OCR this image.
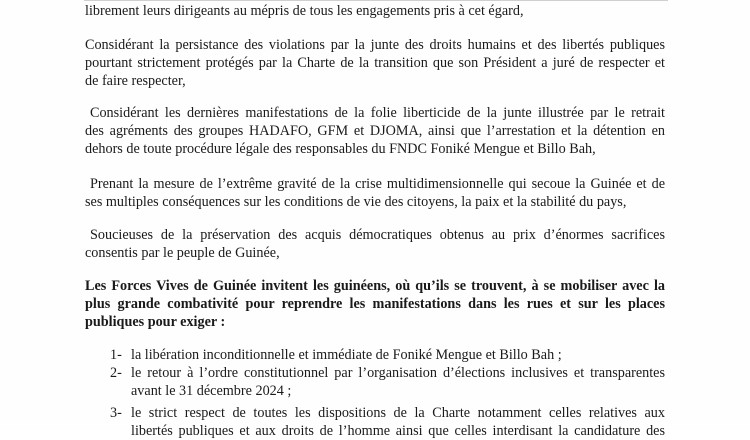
librement leurs dirigeants au mépris de tous les engagements pris à cet égard,
Considérant la persistance des violations par la junte des droits humains et des libertés publiques
pourtant strictement protégés par la Charte de la transition que son Président a juré de respecter et
de faire respecter,
Considérant les dernières manifestations de la folie liberticide de la junte illustrée par le retrait
des agréments des groupes HADAFO, GFM et DJOMA, ainsi que l’arrestation et la détention en
dehors de toute procédure légale des responsables du FNDC Foniké Mengue et Billo Bah,
Prenant la mesure de l’extrême gravité de la crise multidimensionnelle qui secoue la Guinée et de
ses multiples conséquences sur les conditions de vie des citoyens, la paix et la stabilité du pays,
Soucieuses de la préservation des acquis démocratiques obtenus au prix d’énormes sacrifices
consentis par le peuple de Guinée,
Les Forces Vives de Guinée invitent les guinéens, où qu’ils se trouvent, à se mobiliser avec la
plus grande combativité pour reprendre les manifestations dans les rues et sur les places
publiques pour exiger :
1- la libération inconditionnelle et immédiate de Foniké Mengue et Billo Bah ;
2- le retour à l’ordre constitutionnel par l’organisation d’élections inclusives et transparentes
avant le 31 décembre 2024 ;
3- le strict respect de toutes les dispositions de la Charte notamment celles relatives aux
libertés publiques et aux droits de l’homme ainsi que celles interdisant la candidature des
